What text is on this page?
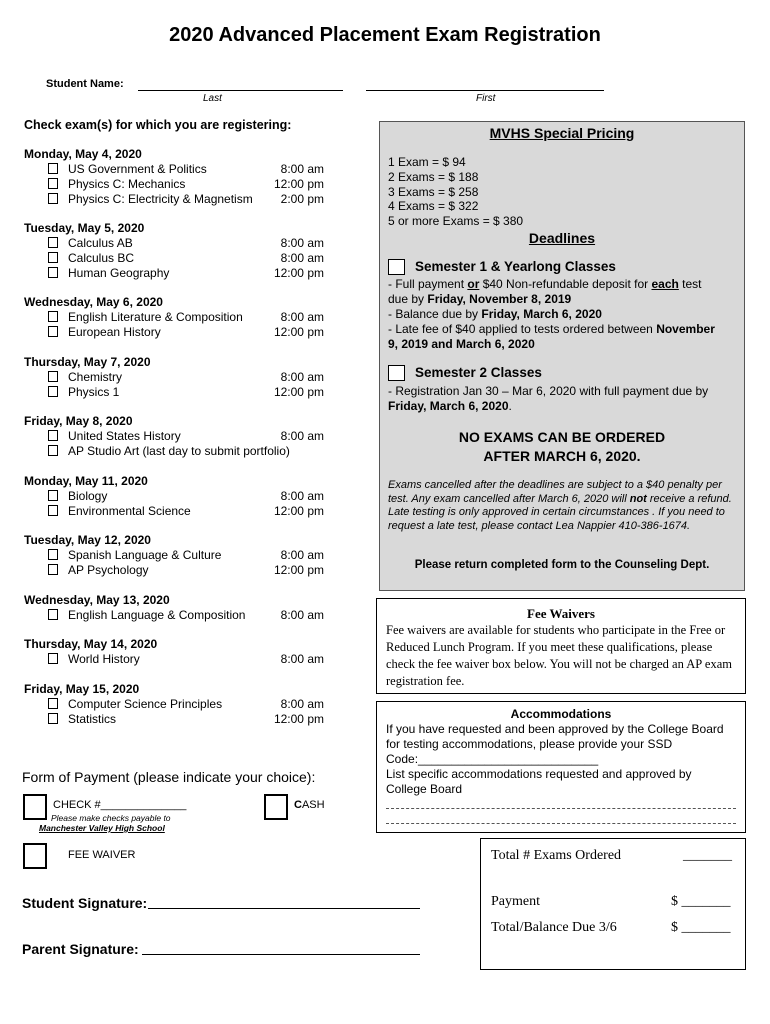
2020 Advanced Placement Exam Registration
Student Name:
Last	First
Check exam(s) for which you are registering:
Monday, May 4, 2020
US Government & Politics	8:00 am
Physics C: Mechanics	12:00 pm
Physics C: Electricity & Magnetism 2:00 pm
Tuesday, May 5, 2020
Calculus AB	8:00 am
Calculus BC	8:00 am
Human Geography	12:00 pm
Wednesday, May 6, 2020
English Literature & Composition	8:00 am
European History	12:00 pm
Thursday, May 7, 2020
Chemistry	8:00 am
Physics 1	12:00 pm
Friday, May 8, 2020
United States History	8:00 am
AP Studio Art (last day to submit portfolio)
Monday, May 11, 2020
Biology	8:00 am
Environmental Science	12:00 pm
Tuesday, May 12, 2020
Spanish Language & Culture	8:00 am
AP Psychology	12:00 pm
Wednesday, May 13, 2020
English Language & Composition	8:00 am
Thursday, May 14, 2020
World History	8:00 am
Friday, May 15, 2020
Computer Science Principles	8:00 am
Statistics	12:00 pm
MVHS Special Pricing
1 Exam = $ 94
2 Exams = $ 188
3 Exams = $ 258
4 Exams = $ 322
5 or more Exams = $ 380
Deadlines
Semester 1 & Yearlong Classes
- Full payment or $40 Non-refundable deposit for each test
due by Friday, November 8, 2019
- Balance due by Friday, March 6, 2020
- Late fee of $40 applied to tests ordered between November
9, 2019 and March 6, 2020
Semester 2 Classes
- Registration Jan 30 – Mar 6, 2020 with full payment due by
Friday, March 6, 2020.
NO EXAMS CAN BE ORDERED
AFTER MARCH 6, 2020.
Exams cancelled after the deadlines are subject to a $40 penalty per test. Any exam cancelled after March 6, 2020 will not receive a refund.
Late testing is only approved in certain circumstances . If you need to request a late test, please contact Lea Nappier 410-386-1674.
Please return completed form to the Counseling Dept.
Fee Waivers
Fee waivers are available for students who participate in the Free or Reduced Lunch Program. If you meet these qualifications, please check the fee waiver box below. You will not be charged an AP exam registration fee.
Accommodations
If you have requested and been approved by the College Board for testing accommodations, please provide your SSD Code:___________________________
List specific accommodations requested and approved by College Board
Total # Exams Ordered	_______
Payment	$ _______
Total/Balance Due 3/6	$ _______
Form of Payment (please indicate your choice):
CHECK #______________
Please make checks payable to
Manchester Valley High School
CASH
FEE WAIVER
Student Signature:
Parent Signature:
